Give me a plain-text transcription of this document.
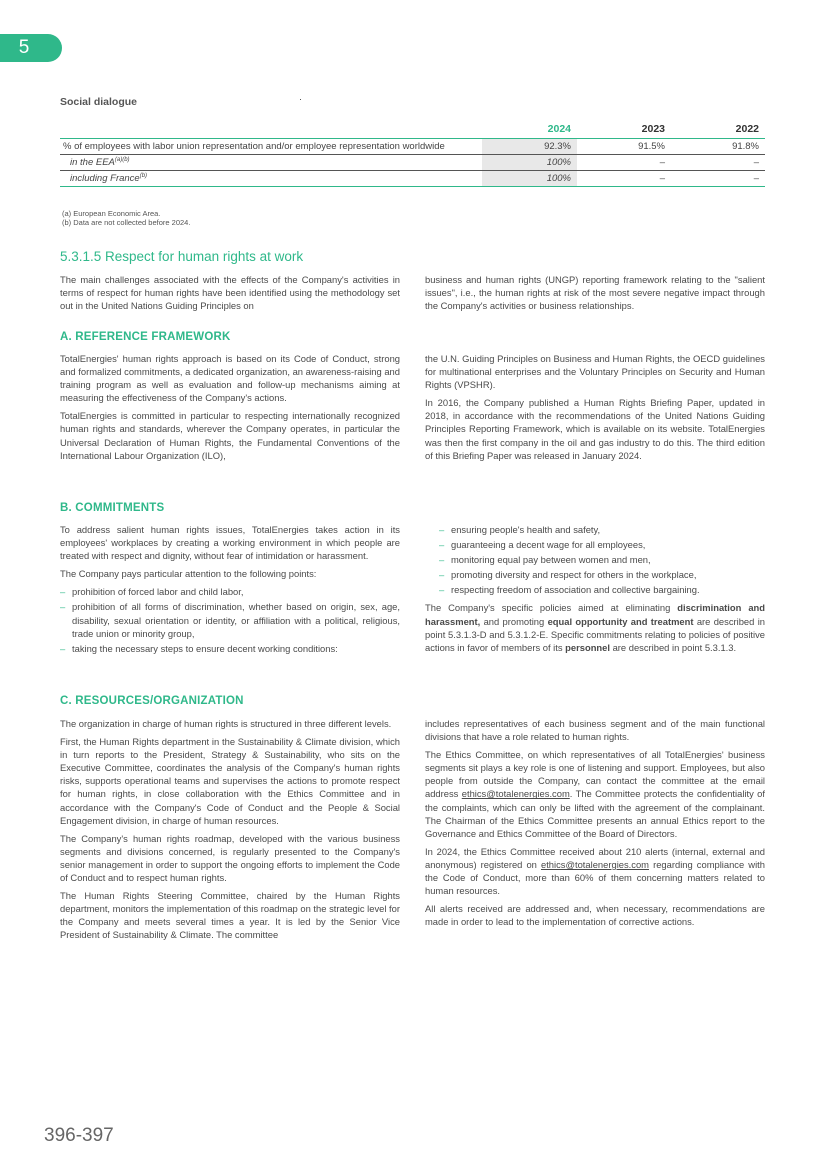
5
Social dialogue
	2024	2023	2022
% of employees with labor union representation and/or employee representation worldwide	92.3%	91.5%	91.8%
in the $EEA^{(a)(b)}$	100%	–	–
including France$^{(b)}$	100%	–	–
(a) European Economic Area.
(b) Data are not collected before 2024.
5.3.1.5 Respect for human rights at work

The main challenges associated with the effects of the Company's activities in terms of respect for human rights have been identified using the methodology set out in the United Nations Guiding Principles on

business and human rights (UNGP) reporting framework relating to the "salient issues", i.e., the human rights at risk of the most severe negative impact through the Company's activities or business relationships.

A. REFERENCE FRAMEWORK

TotalEnergies' human rights approach is based on its Code of Conduct, strong and formalized commitments, a dedicated organization, an awareness-raising and training program as well as evaluation and follow-up mechanisms aiming at measuring the effectiveness of the Company's actions.

TotalEnergies is committed in particular to respecting internationally recognized human rights and standards, wherever the Company operates, in particular the Universal Declaration of Human Rights, the Fundamental Conventions of the International Labour Organization (ILO),

the U.N. Guiding Principles on Business and Human Rights, the OECD guidelines for multinational enterprises and the Voluntary Principles on Security and Human Rights (VPSHR).

In 2016, the Company published a Human Rights Briefing Paper, updated in 2018, in accordance with the recommendations of the United Nations Guiding Principles Reporting Framework, which is available on its website. TotalEnergies was then the first company in the oil and gas industry to do this. The third edition of this Briefing Paper was released in January 2024.

B. COMMITMENTS

To address salient human rights issues, TotalEnergies takes action in its employees' workplaces by creating a working environment in which people are treated with respect and dignity, without fear of intimidation or harassment.

The Company pays particular attention to the following points:

– prohibition of forced labor and child labor,
– prohibition of all forms of discrimination, whether based on origin, sex, age, disability, sexual orientation or identity, or affiliation with a political, religious, trade union or minority group,
– taking the necessary steps to ensure decent working conditions:
– ensuring people's health and safety,
– guaranteeing a decent wage for all employees,
– monitoring equal pay between women and men,
– promoting diversity and respect for others in the workplace,
– respecting freedom of association and collective bargaining.

The Company's specific policies aimed at eliminating discrimination and harassment, and promoting equal opportunity and treatment are described in point 5.3.1.3-D and 5.3.1.2-E. Specific commitments relating to policies of positive actions in favor of members of its personnel are described in point 5.3.1.3.

C. RESOURCES/ORGANIZATION

The organization in charge of human rights is structured in three different levels.

First, the Human Rights department in the Sustainability & Climate division, which in turn reports to the President, Strategy & Sustainability, who sits on the Executive Committee, coordinates the analysis of the Company's human rights risks, supports operational teams and supervises the actions to promote respect for human rights, in close collaboration with the Ethics Committee and in accordance with the Company's Code of Conduct and the People & Social Engagement division, in charge of human resources.

The Company's human rights roadmap, developed with the various business segments and divisions concerned, is regularly presented to the Company's senior management in order to support the ongoing efforts to implement the Code of Conduct and to respect human rights.

The Human Rights Steering Committee, chaired by the Human Rights department, monitors the implementation of this roadmap on the strategic level for the Company and meets several times a year. It is led by the Senior Vice President of Sustainability & Climate. The committee

includes representatives of each business segment and of the main functional divisions that have a role related to human rights.

The Ethics Committee, on which representatives of all TotalEnergies' business segments sit plays a key role is one of listening and support. Employees, but also people from outside the Company, can contact the committee at the email address ethics@totalenergies.com. The Committee protects the confidentiality of the complaints, which can only be lifted with the agreement of the complainant. The Chairman of the Ethics Committee presents an annual Ethics report to the Governance and Ethics Committee of the Board of Directors.

In 2024, the Ethics Committee received about 210 alerts (internal, external and anonymous) registered on ethics@totalenergies.com regarding compliance with the Code of Conduct, more than 60% of them concerning matters related to human resources.

All alerts received are addressed and, when necessary, recommendations are made in order to lead to the implementation of corrective actions.

396-397
